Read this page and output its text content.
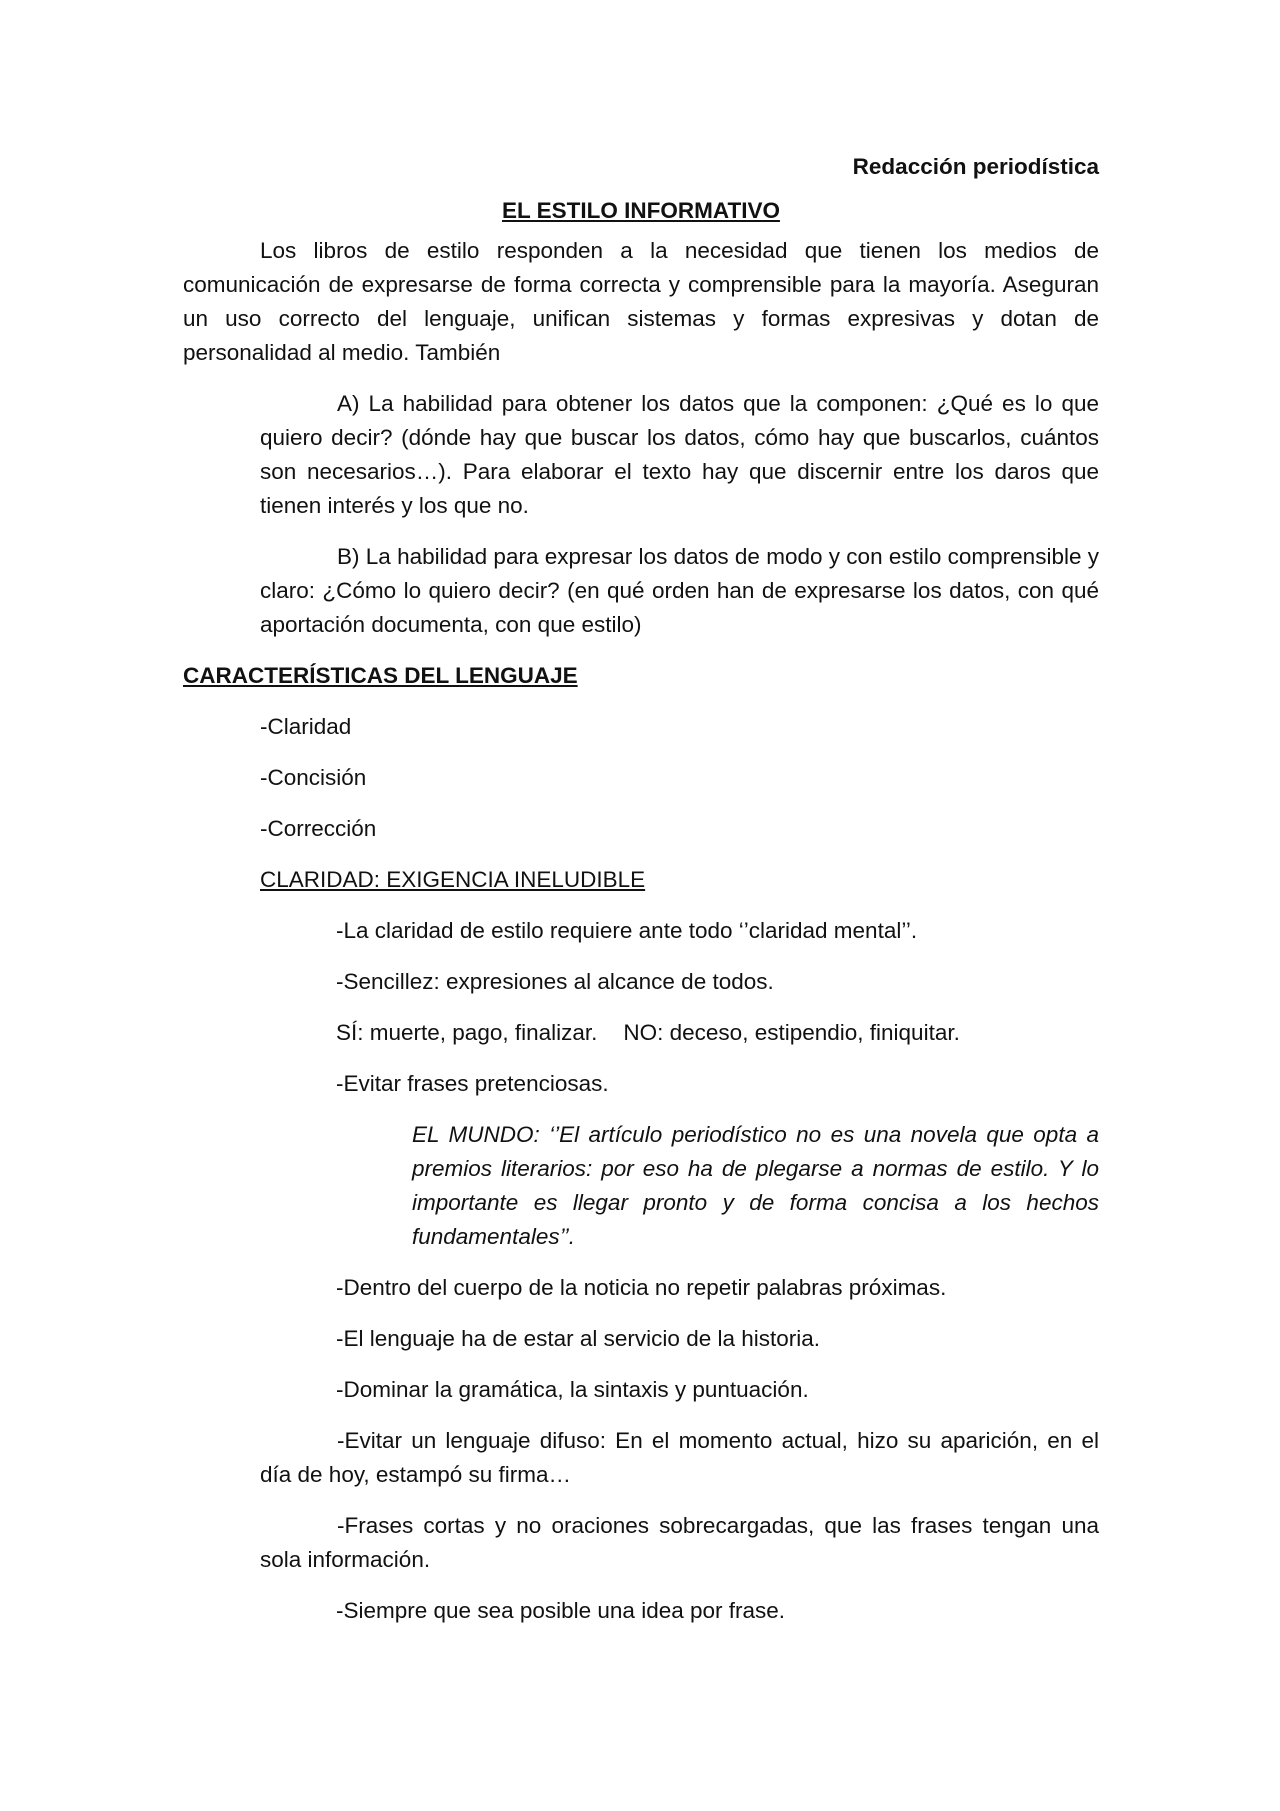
Redacción periodística

EL ESTILO INFORMATIVO

Los libros de estilo responden a la necesidad que tienen los medios de comunicación de expresarse de forma correcta y comprensible para la mayoría. Aseguran un uso correcto del lenguaje, unifican sistemas y formas expresivas y dotan de personalidad al medio. También

A) La habilidad para obtener los datos que la componen: ¿Qué es lo que quiero decir? (dónde hay que buscar los datos, cómo hay que buscarlos, cuántos son necesarios…). Para elaborar el texto hay que discernir entre los daros que tienen interés y los que no.

B) La habilidad para expresar los datos de modo y con estilo comprensible y claro: ¿Cómo lo quiero decir? (en qué orden han de expresarse los datos, con qué aportación documenta, con que estilo)

CARACTERÍSTICAS DEL LENGUAJE

-Claridad

-Concisión

-Corrección

CLARIDAD: EXIGENCIA INELUDIBLE

-La claridad de estilo requiere ante todo ‘’claridad mental’’.

-Sencillez: expresiones al alcance de todos.

SÍ: muerte, pago, finalizar. NO: deceso, estipendio, finiquitar.

-Evitar frases pretenciosas.

EL MUNDO: ‘’El artículo periodístico no es una novela que opta a premios literarios: por eso ha de plegarse a normas de estilo. Y lo importante es llegar pronto y de forma concisa a los hechos fundamentales’’.

-Dentro del cuerpo de la noticia no repetir palabras próximas.

-El lenguaje ha de estar al servicio de la historia.

-Dominar la gramática, la sintaxis y puntuación.

-Evitar un lenguaje difuso: En el momento actual, hizo su aparición, en el día de hoy, estampó su firma…

-Frases cortas y no oraciones sobrecargadas, que las frases tengan una sola información.

-Siempre que sea posible una idea por frase.
